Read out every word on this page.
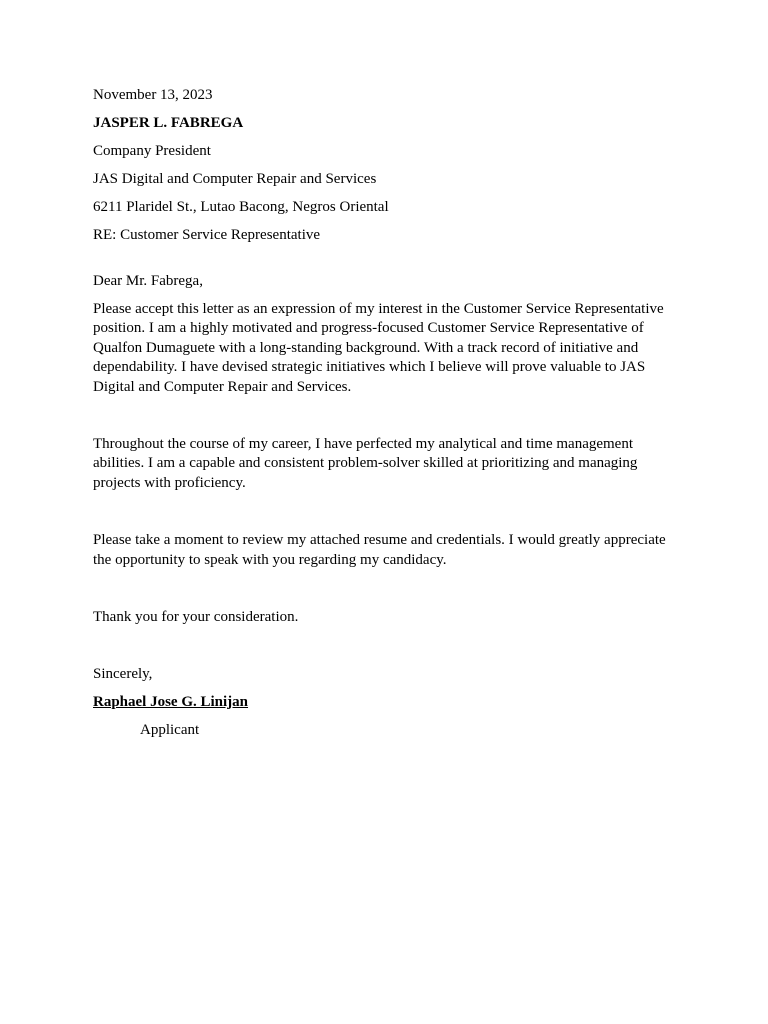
November 13, 2023
JASPER L. FABREGA
Company President
JAS Digital and Computer Repair and Services
6211 Plaridel St., Lutao Bacong, Negros Oriental
RE: Customer Service Representative
Dear Mr. Fabrega,

Please accept this letter as an expression of my interest in the Customer Service Representative position. I am a highly motivated and progress-focused Customer Service Representative of Qualfon Dumaguete with a long-standing background. With a track record of initiative and dependability. I have devised strategic initiatives which I believe will prove valuable to JAS Digital and Computer Repair and Services.

Throughout the course of my career, I have perfected my analytical and time management abilities. I am a capable and consistent problem-solver skilled at prioritizing and managing projects with proficiency.

Please take a moment to review my attached resume and credentials. I would greatly appreciate the opportunity to speak with you regarding my candidacy.

Thank you for your consideration.

Sincerely,
Raphael Jose G. Linijan
Applicant
